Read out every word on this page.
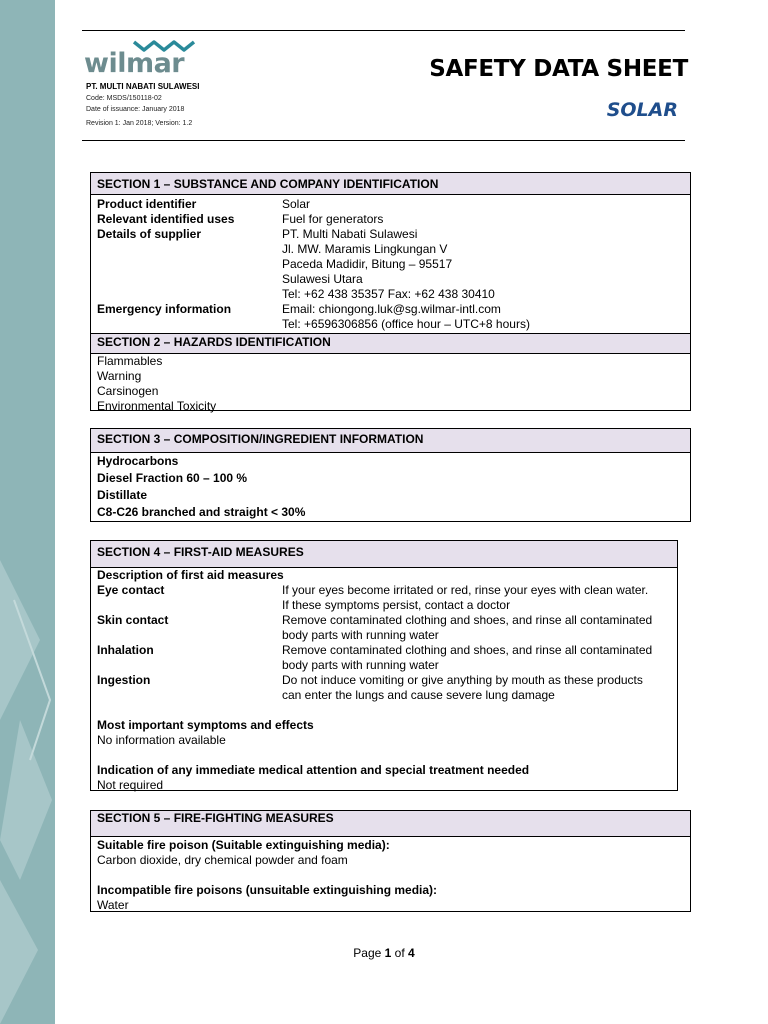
wilmar
PT. MULTI NABATI SULAWESI
Code: MSDS/150118-02
Date of issuance: January 2018
Revision 1: Jan 2018; Version: 1.2
SAFETY DATA SHEET
SOLAR
SECTION 1 – SUBSTANCE AND COMPANY IDENTIFICATION
Product identifier	Solar
Relevant identified uses	Fuel for generators
Details of supplier	PT. Multi Nabati Sulawesi
Jl. MW. Maramis Lingkungan V
Paceda Madidir, Bitung – 95517
Sulawesi Utara
Tel: +62 438 35357 Fax: +62 438 30410
Emergency information	Email: chiongong.luk@sg.wilmar-intl.com
Tel: +6596306856 (office hour – UTC+8 hours)
SECTION 2 – HAZARDS IDENTIFICATION
Flammables
Warning
Carsinogen
Environmental Toxicity
SECTION 3 – COMPOSITION/INGREDIENT INFORMATION
Hydrocarbons
Diesel Fraction 60 – 100 %
Distillate
C8-C26 branched and straight < 30%
SECTION 4 – FIRST-AID MEASURES
Description of first aid measures
Eye contact	If your eyes become irritated or red, rinse your eyes with clean water.
If these symptoms persist, contact a doctor
Skin contact	Remove contaminated clothing and shoes, and rinse all contaminated
body parts with running water
Inhalation	Remove contaminated clothing and shoes, and rinse all contaminated
body parts with running water
Ingestion	Do not induce vomiting or give anything by mouth as these products
can enter the lungs and cause severe lung damage
Most important symptoms and effects
No information available
Indication of any immediate medical attention and special treatment needed
Not required
SECTION 5 – FIRE-FIGHTING MEASURES
Suitable fire poison (Suitable extinguishing media):
Carbon dioxide, dry chemical powder and foam
Incompatible fire poisons (unsuitable extinguishing media):
Water
Page 1 of 4
